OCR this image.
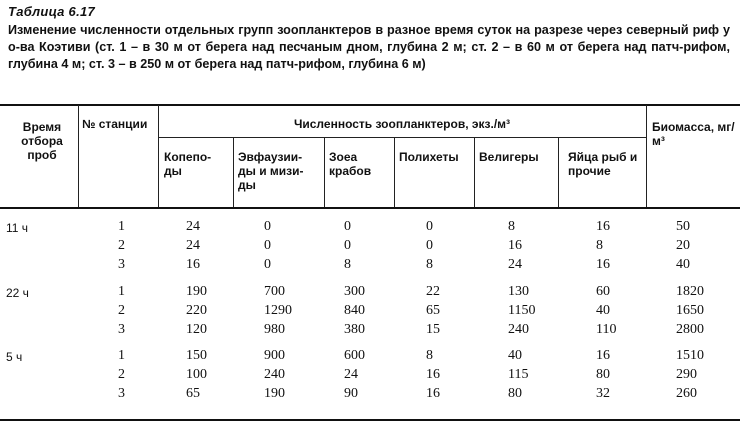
Таблица 6.17
Изменение численности отдельных групп зоопланктеров в разное время суток на разрезе через северный риф у о-ва Коэтиви (ст. 1 – в 30 м от берега над песчаным дном, глубина 2 м; ст. 2 – в 60 м от берега над патч-рифом, глубина 4 м; ст. 3 – в 250 м от берега над патч-рифом, глубина 6 м)
Время отбора проб
№ станции	Численность зоопланктеров, экз./м³	Биомасса, мг/м³
Копепо- ды
Эвфаузии- ды и мизи- ды
Зоеа крабов
Полихеты	Велигеры	Яйца рыб и прочие
11 ч	1	24	0	0	0	8	16	50
2	24	0	0	0	16	8	20
3	16	0	8	8	24	16	40
22 ч	1	190	700	300	22	130	60	1820
2	220	1290	840	65	1150	40	1650
3	120	980	380	15	240	110	2800
5 ч	1	150	900	600	8	40	16	1510
2	100	240	24	16	115	80	290
3	65	190	90	16	80	32	260
